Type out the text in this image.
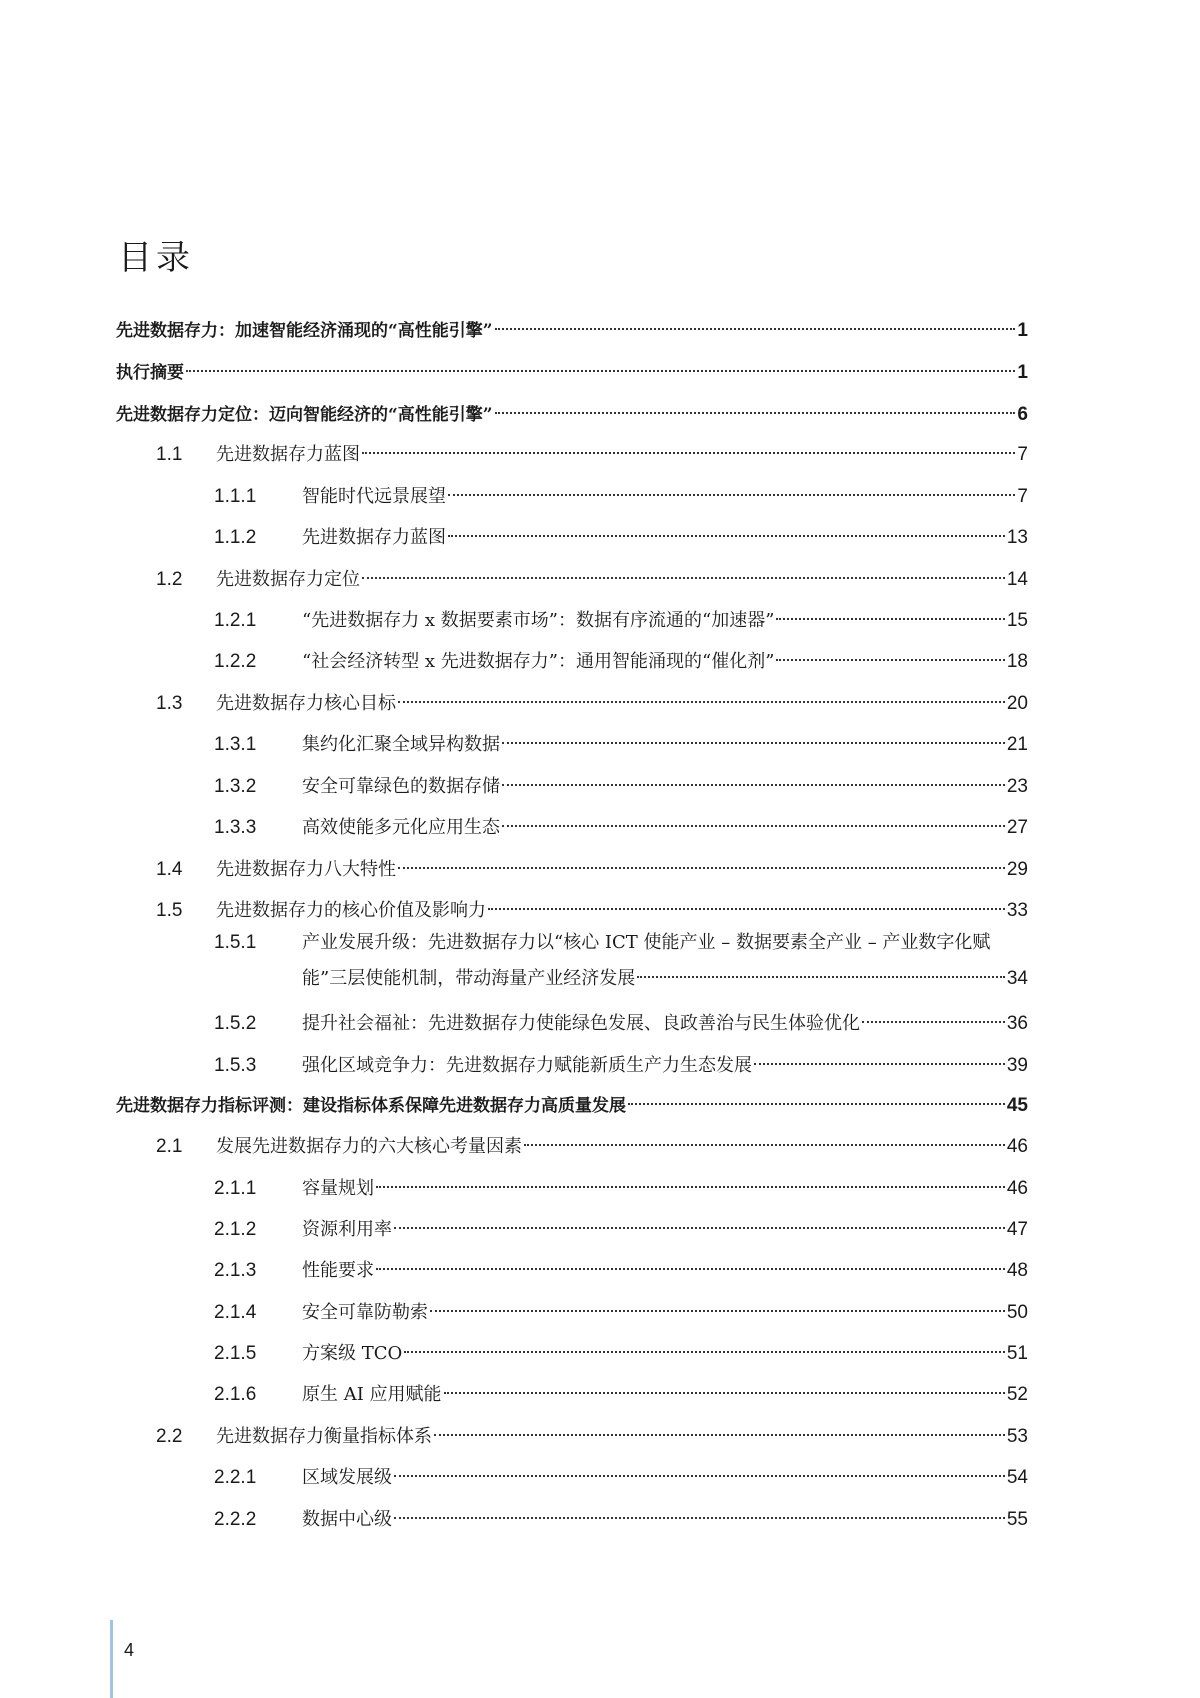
目录
先进数据存力：加速智能经济涌现的“高性能引擎”	1
执行摘要	1
先进数据存力定位：迈向智能经济的“高性能引擎”	6
1.1	先进数据存力蓝图	7
1.1.1	智能时代远景展望	7
1.1.2	先进数据存力蓝图	13
1.2	先进数据存力定位	14
1.2.1	“先进数据存力 x 数据要素市场”：数据有序流通的“加速器”	15
1.2.2	“社会经济转型 x 先进数据存力”：通用智能涌现的“催化剂”	18
1.3	先进数据存力核心目标	20
1.3.1	集约化汇聚全域异构数据	21
1.3.2	安全可靠绿色的数据存储	23
1.3.3	高效使能多元化应用生态	27
1.4	先进数据存力八大特性	29
1.5	先进数据存力的核心价值及影响力	33
1.5.1	产业发展升级：先进数据存力以“核心 ICT 使能产业 – 数据要素全产业 – 产业数字化赋
能”三层使能机制，带动海量产业经济发展	34
1.5.2	提升社会福祉：先进数据存力使能绿色发展、良政善治与民生体验优化	36
1.5.3	强化区域竞争力：先进数据存力赋能新质生产力生态发展	39
先进数据存力指标评测：建设指标体系保障先进数据存力高质量发展	45
2.1	发展先进数据存力的六大核心考量因素	46
2.1.1	容量规划	46
2.1.2	资源利用率	47
2.1.3	性能要求	48
2.1.4	安全可靠防勒索	50
2.1.5	方案级 TCO	51
2.1.6	原生 AI 应用赋能	52
2.2	先进数据存力衡量指标体系	53
2.2.1	区域发展级	54
2.2.2	数据中心级	55
4
